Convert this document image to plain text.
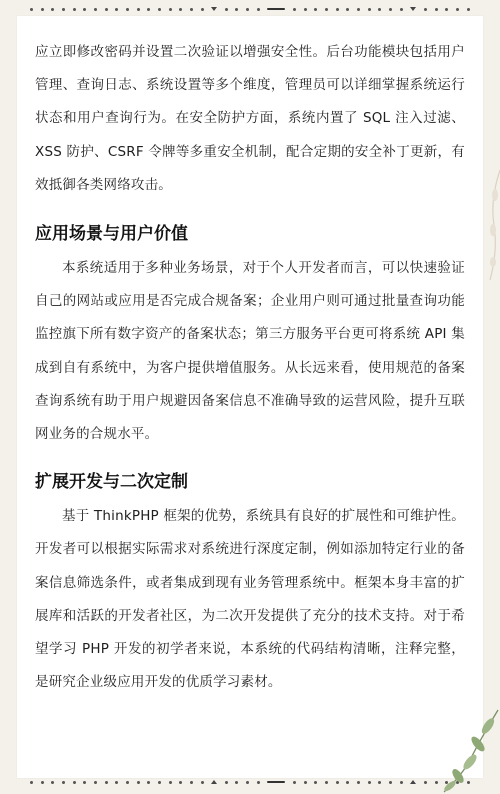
应立即修改密码并设置二次验证以增强安全性。后台功能模块包括用户管理、查询日志、系统设置等多个维度，管理员可以详细掌握系统运行状态和用户查询行为。在安全防护方面，系统内置了 SQL 注入过滤、XSS 防护、CSRF 令牌等多重安全机制，配合定期的安全补丁更新，有效抵御各类网络攻击。

应用场景与用户价值

本系统适用于多种业务场景，对于个人开发者而言，可以快速验证自己的网站或应用是否完成合规备案；企业用户则可通过批量查询功能监控旗下所有数字资产的备案状态；第三方服务平台更可将系统 API 集成到自有系统中，为客户提供增值服务。从长远来看，使用规范的备案查询系统有助于用户规避因备案信息不准确导致的运营风险，提升互联网业务的合规水平。

扩展开发与二次定制

基于 ThinkPHP 框架的优势，系统具有良好的扩展性和可维护性。开发者可以根据实际需求对系统进行深度定制，例如添加特定行业的备案信息筛选条件，或者集成到现有业务管理系统中。框架本身丰富的扩展库和活跃的开发者社区，为二次开发提供了充分的技术支持。对于希望学习 PHP 开发的初学者来说，本系统的代码结构清晰，注释完整，是研究企业级应用开发的优质学习素材。
